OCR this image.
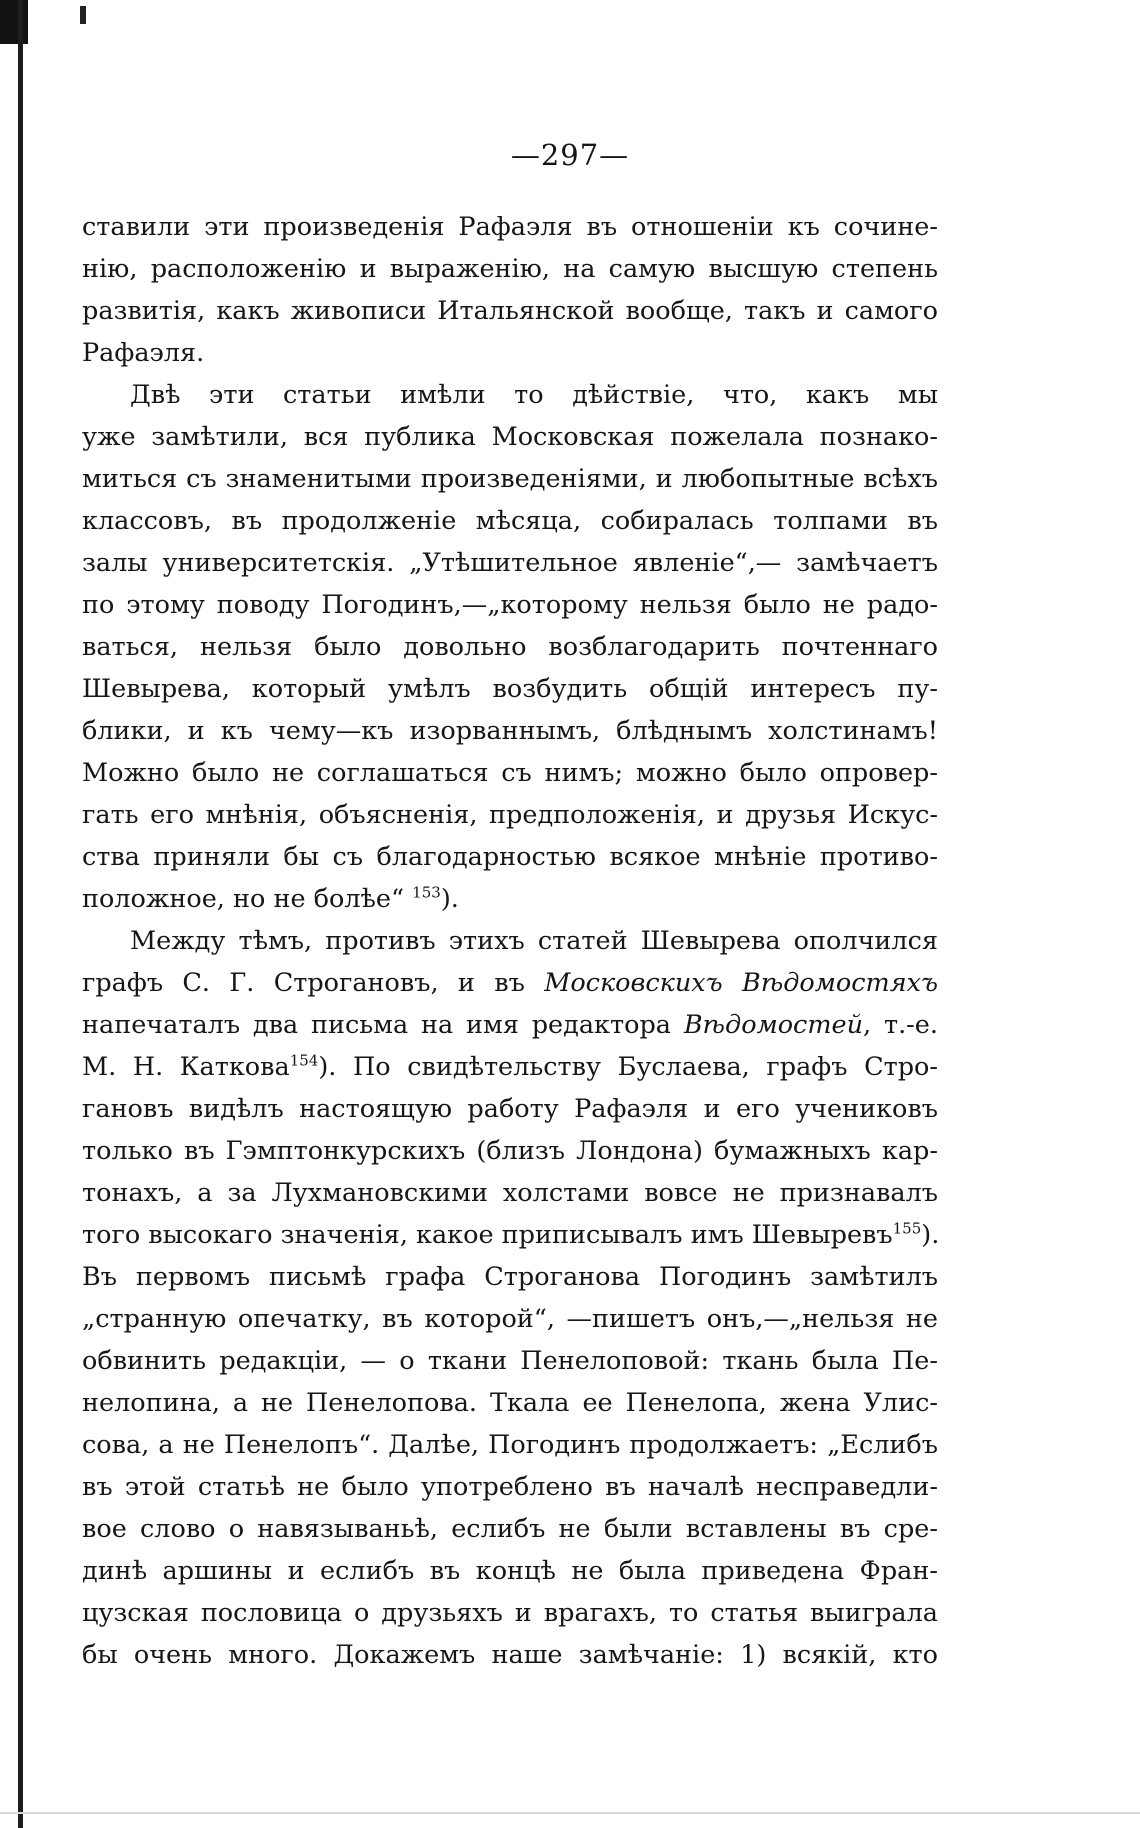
—297—
ставили эти произведенія Рафаэля въ отношеніи къ сочине-
нію, расположенію и выраженію, на самую высшую степень
развитія, какъ живописи Итальянской вообще, такъ и самого
Рафаэля.
Двѣ эти статьи имѣли то дѣйствіе, что, какъ мы
уже замѣтили, вся публика Московская пожелала познако-
миться съ знаменитыми произведеніями, и любопытные всѣхъ
классовъ, въ продолженіе мѣсяца, собиралась толпами въ
залы университетскія. „Утѣшительное явленіе“,— замѣчаетъ
по этому поводу Погодинъ,—„которому нельзя было не радо-
ваться, нельзя было довольно возблагодарить почтеннаго
Шевырева, который умѣлъ возбудить общій интересъ пу-
блики, и къ чему—къ изорваннымъ, блѣднымъ холстинамъ!
Можно было не соглашаться съ нимъ; можно было опровер-
гать его мнѣнія, объясненія, предположенія, и друзья Искус-
ства приняли бы съ благодарностью всякое мнѣніе противо-
положное, но не болѣе“ $^{153}$).
Между тѣмъ, противъ этихъ статей Шевырева ополчился
графъ С. Г. Строгановъ, и въ Московскихъ Вѣдомостяхъ
напечаталъ два письма на имя редактора Вѣдомостей, т.-е.
М. Н. Каткова$^{154}$). По свидѣтельству Буслаева, графъ Стро-
гановъ видѣлъ настоящую работу Рафаэля и его учениковъ
только въ Гэмптонкурскихъ (близъ Лондона) бумажныхъ кар-
тонахъ, а за Лухмановскими холстами вовсе не признавалъ
того высокаго значенія, какое приписывалъ имъ Шевыревъ$^{155}$).
Въ первомъ письмѣ графа Строганова Погодинъ замѣтилъ
„странную опечатку, въ которой“, —пишетъ онъ,—„нельзя не
обвинить редакціи, — о ткани Пенелоповой: ткань была Пе-
нелопина, а не Пенелопова. Ткала ее Пенелопа, жена Улис-
сова, а не Пенелопъ“. Далѣе, Погодинъ продолжаетъ: „Еслибъ
въ этой статьѣ не было употреблено въ началѣ несправедли-
вое слово о навязываньѣ, еслибъ не были вставлены въ сре-
динѣ аршины и еслибъ въ концѣ не была приведена Фран-
цузская пословица о друзьяхъ и врагахъ, то статья выиграла
бы очень много. Докажемъ наше замѣчаніе: 1) всякій, кто
